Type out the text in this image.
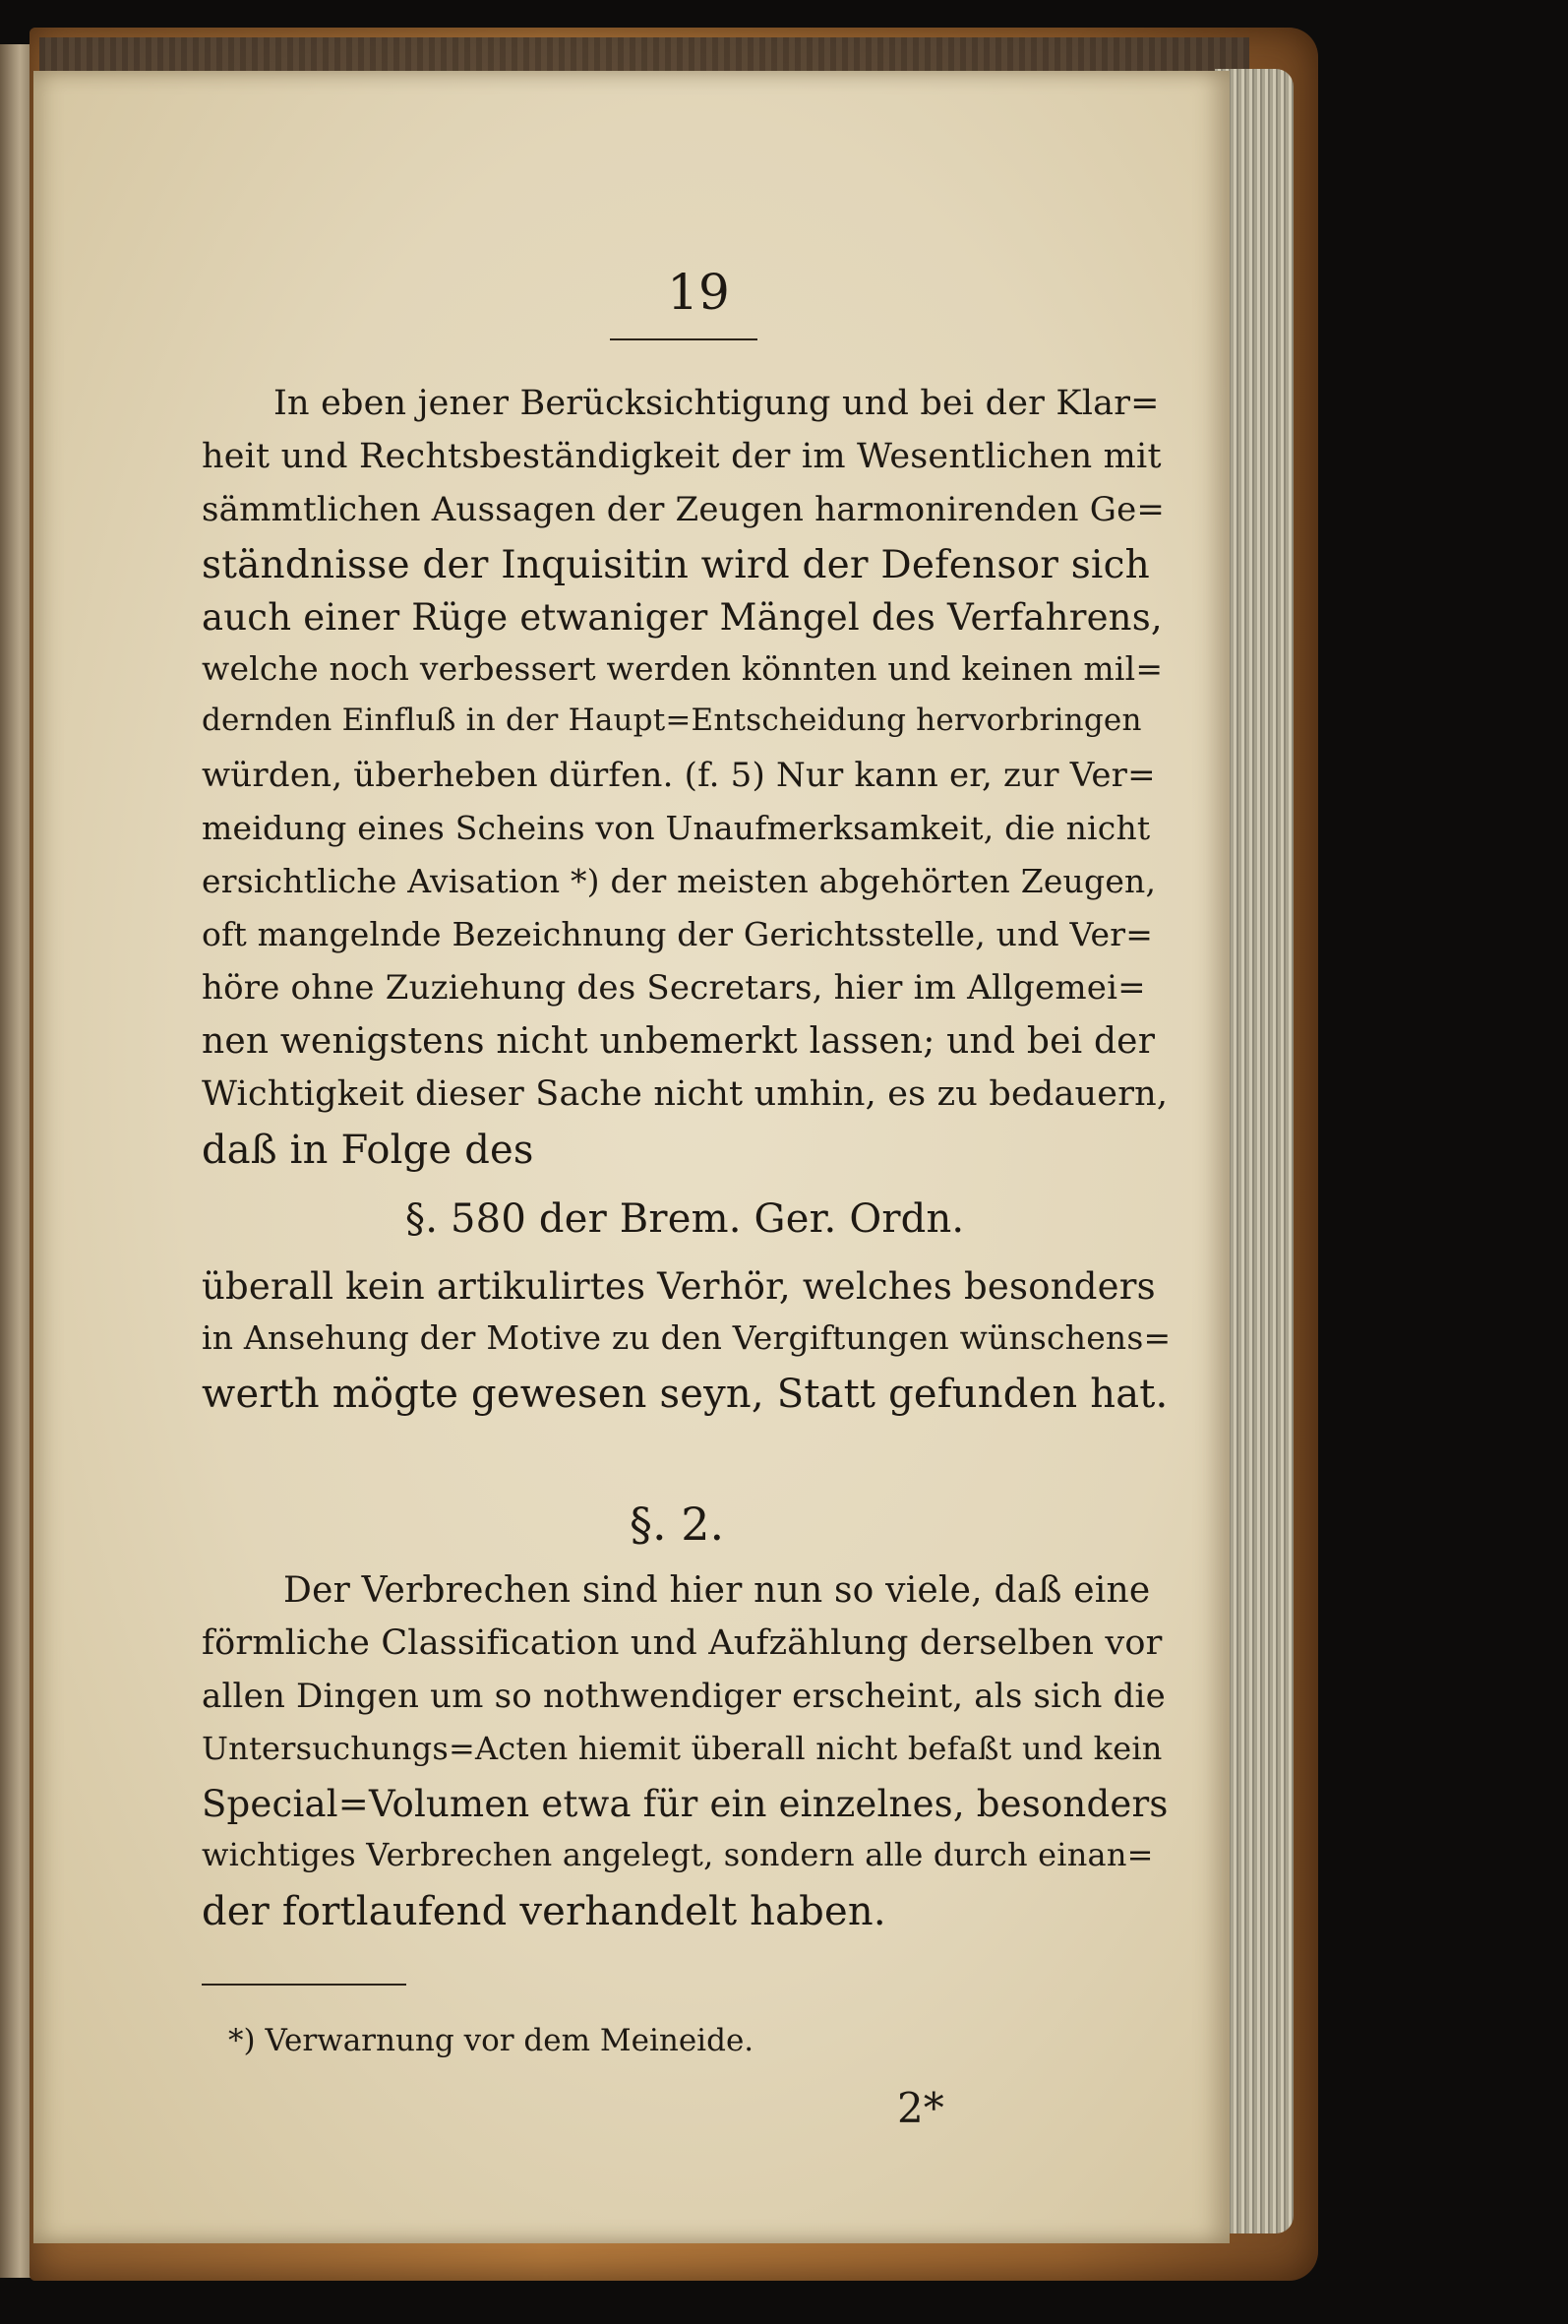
19
In eben jener Berücksichtigung und bei der Klar=
heit und Rechtsbeständigkeit der im Wesentlichen mit
sämmtlichen Aussagen der Zeugen harmonirenden Ge=
ständnisse der Inquisitin wird der Defensor sich
auch einer Rüge etwaniger Mängel des Verfahrens,
welche noch verbessert werden könnten und keinen mil=
dernden Einfluß in der Haupt=Entscheidung hervorbringen
würden, überheben dürfen. (f. 5) Nur kann er, zur Ver=
meidung eines Scheins von Unaufmerksamkeit, die nicht
ersichtliche Avisation *) der meisten abgehörten Zeugen,
oft mangelnde Bezeichnung der Gerichtsstelle, und Ver=
höre ohne Zuziehung des Secretars, hier im Allgemei=
nen wenigstens nicht unbemerkt lassen; und bei der
Wichtigkeit dieser Sache nicht umhin, es zu bedauern,
daß in Folge des
§. 580 der Brem. Ger. Ordn.
überall kein artikulirtes Verhör, welches besonders
in Ansehung der Motive zu den Vergiftungen wünschens=
werth mögte gewesen seyn, Statt gefunden hat.
§. 2.
Der Verbrechen sind hier nun so viele, daß eine
förmliche Classification und Aufzählung derselben vor
allen Dingen um so nothwendiger erscheint, als sich die
Untersuchungs=Acten hiemit überall nicht befaßt und kein
Special=Volumen etwa für ein einzelnes, besonders
wichtiges Verbrechen angelegt, sondern alle durch einan=
der fortlaufend verhandelt haben.
*) Verwarnung vor dem Meineide.
2*
